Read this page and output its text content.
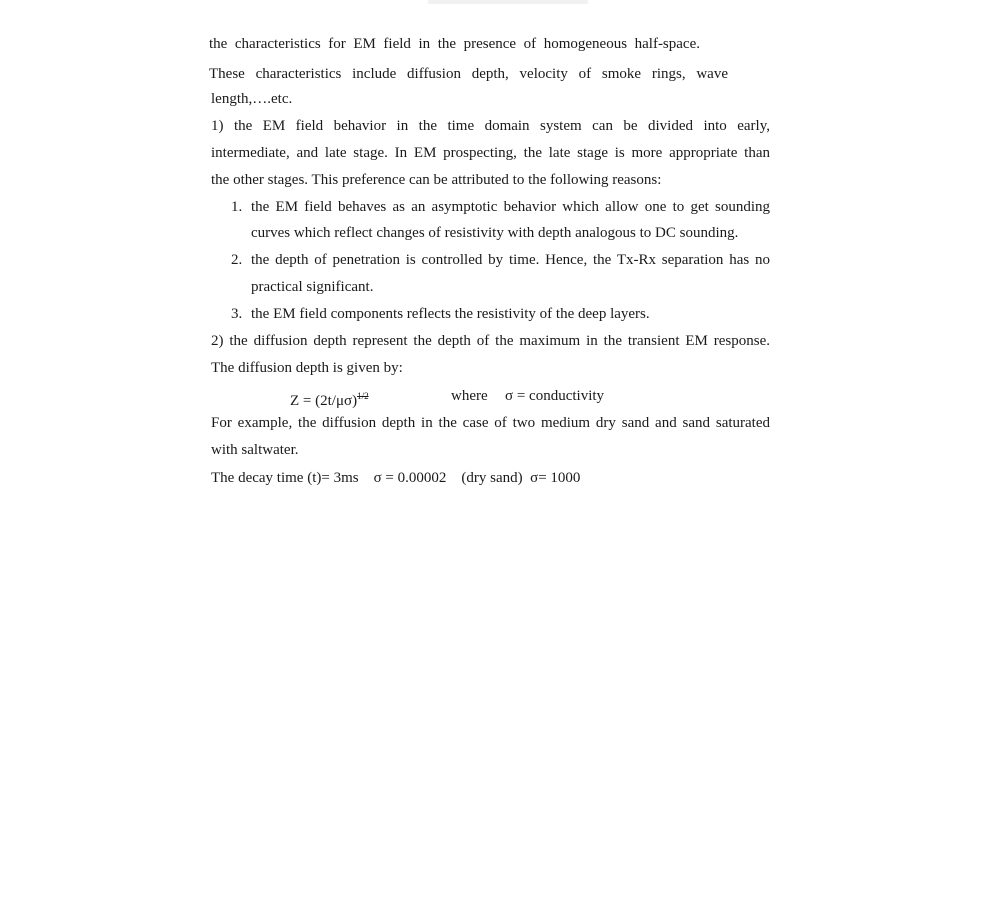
the characteristics for EM field in the presence of homogeneous half-space.
These characteristics include diffusion depth, velocity of smoke rings, wave
length,….etc.
1) the EM field behavior in the time domain system can be divided into early,
intermediate, and late stage. In EM prospecting, the late stage is more appropriate than
the other stages. This preference can be attributed to the following reasons:
1. the EM field behaves as an asymptotic behavior which allow one to get sounding
curves which reflect changes of resistivity with depth analogous to DC sounding.
2. the depth of penetration is controlled by time. Hence, the Tx-Rx separation has no
practical significant.
3. the EM field components reflects the resistivity of the deep layers.
2) the diffusion depth represent the depth of the maximum in the transient EM response.
The diffusion depth is given by:
$Z = (2t/\mu\sigma)^{1/2}$	where σ = conductivity
For example, the diffusion depth in the case of two medium dry sand and sand saturated
with saltwater.
The decay time (t)= 3ms    σ = 0.00002    (dry sand)  σ= 1000
